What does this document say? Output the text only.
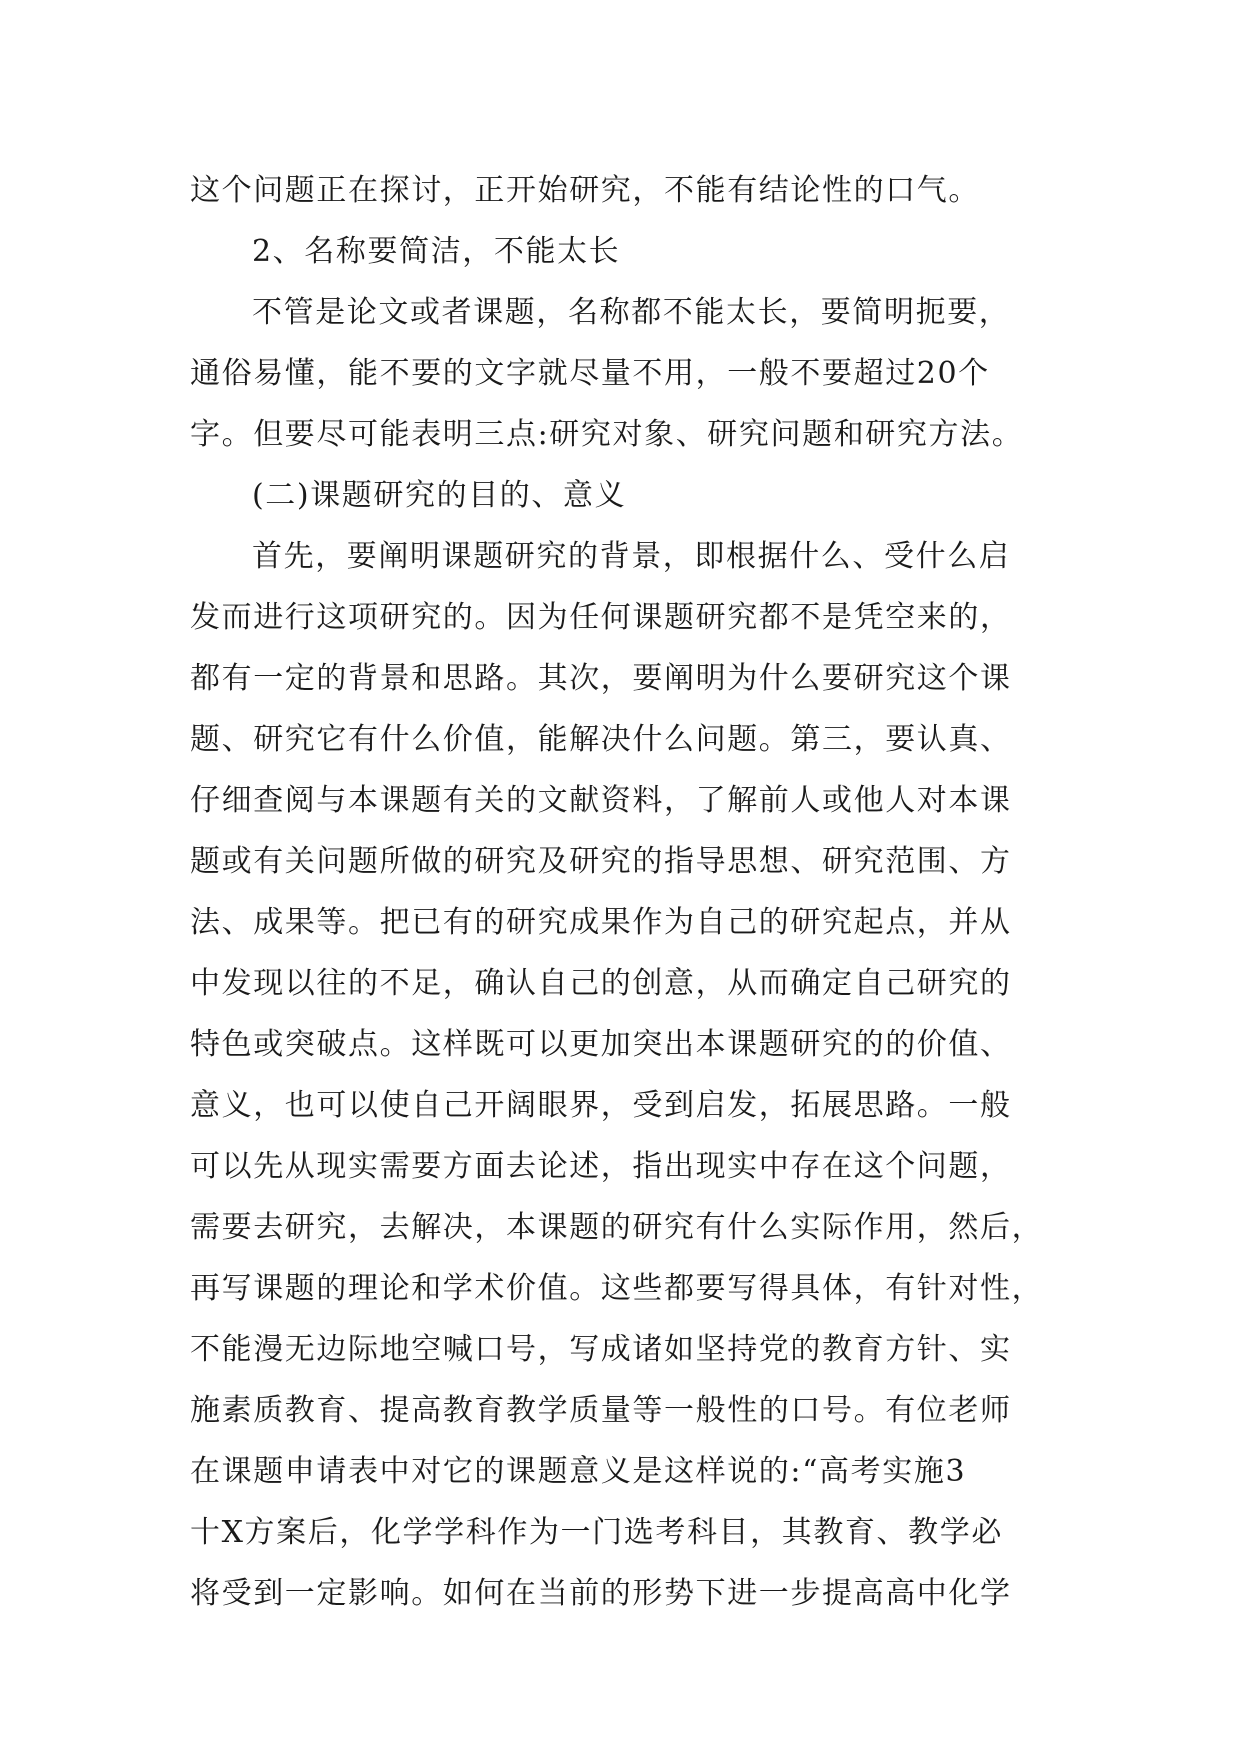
这个问题正在探讨，正开始研究，不能有结论性的口气。
2、名称要简洁，不能太长
不管是论文或者课题，名称都不能太长，要简明扼要，
通俗易懂，能不要的文字就尽量不用，一般不要超过20个
字。但要尽可能表明三点:研究对象、研究问题和研究方法。
(二)课题研究的目的、意义
首先，要阐明课题研究的背景，即根据什么、受什么启
发而进行这项研究的。因为任何课题研究都不是凭空来的，
都有一定的背景和思路。其次，要阐明为什么要研究这个课
题、研究它有什么价值，能解决什么问题。第三，要认真、
仔细查阅与本课题有关的文献资料，了解前人或他人对本课
题或有关问题所做的研究及研究的指导思想、研究范围、方
法、成果等。把已有的研究成果作为自己的研究起点，并从
中发现以往的不足，确认自己的创意，从而确定自己研究的
特色或突破点。这样既可以更加突出本课题研究的的价值、
意义，也可以使自己开阔眼界，受到启发，拓展思路。一般
可以先从现实需要方面去论述，指出现实中存在这个问题，
需要去研究，去解决，本课题的研究有什么实际作用，然后，
再写课题的理论和学术价值。这些都要写得具体，有针对性，
不能漫无边际地空喊口号，写成诸如坚持党的教育方针、实
施素质教育、提高教育教学质量等一般性的口号。有位老师
在课题申请表中对它的课题意义是这样说的:“高考实施3
十X方案后，化学学科作为一门选考科目，其教育、教学必
将受到一定影响。如何在当前的形势下进一步提高高中化学
